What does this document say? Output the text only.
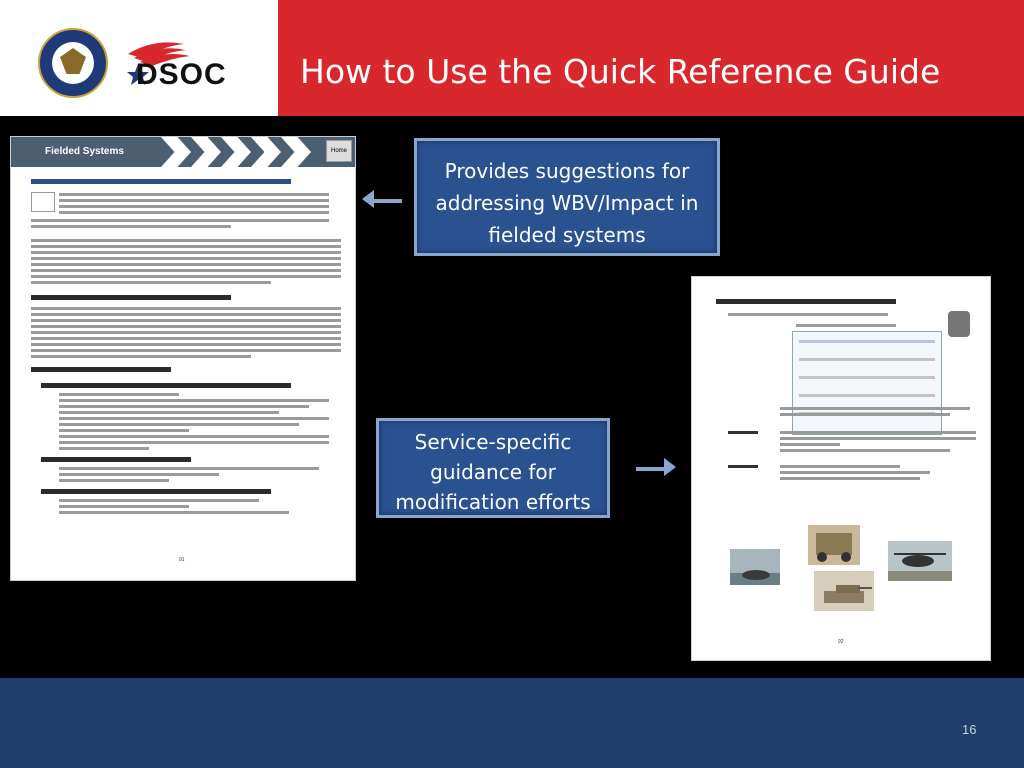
DSOC How to Use the Quick Reference Guide
Fielded Systems	Home
91
92
Provides suggestions for addressing WBV/Impact in fielded systems
Service-specific guidance for modification efforts
16
